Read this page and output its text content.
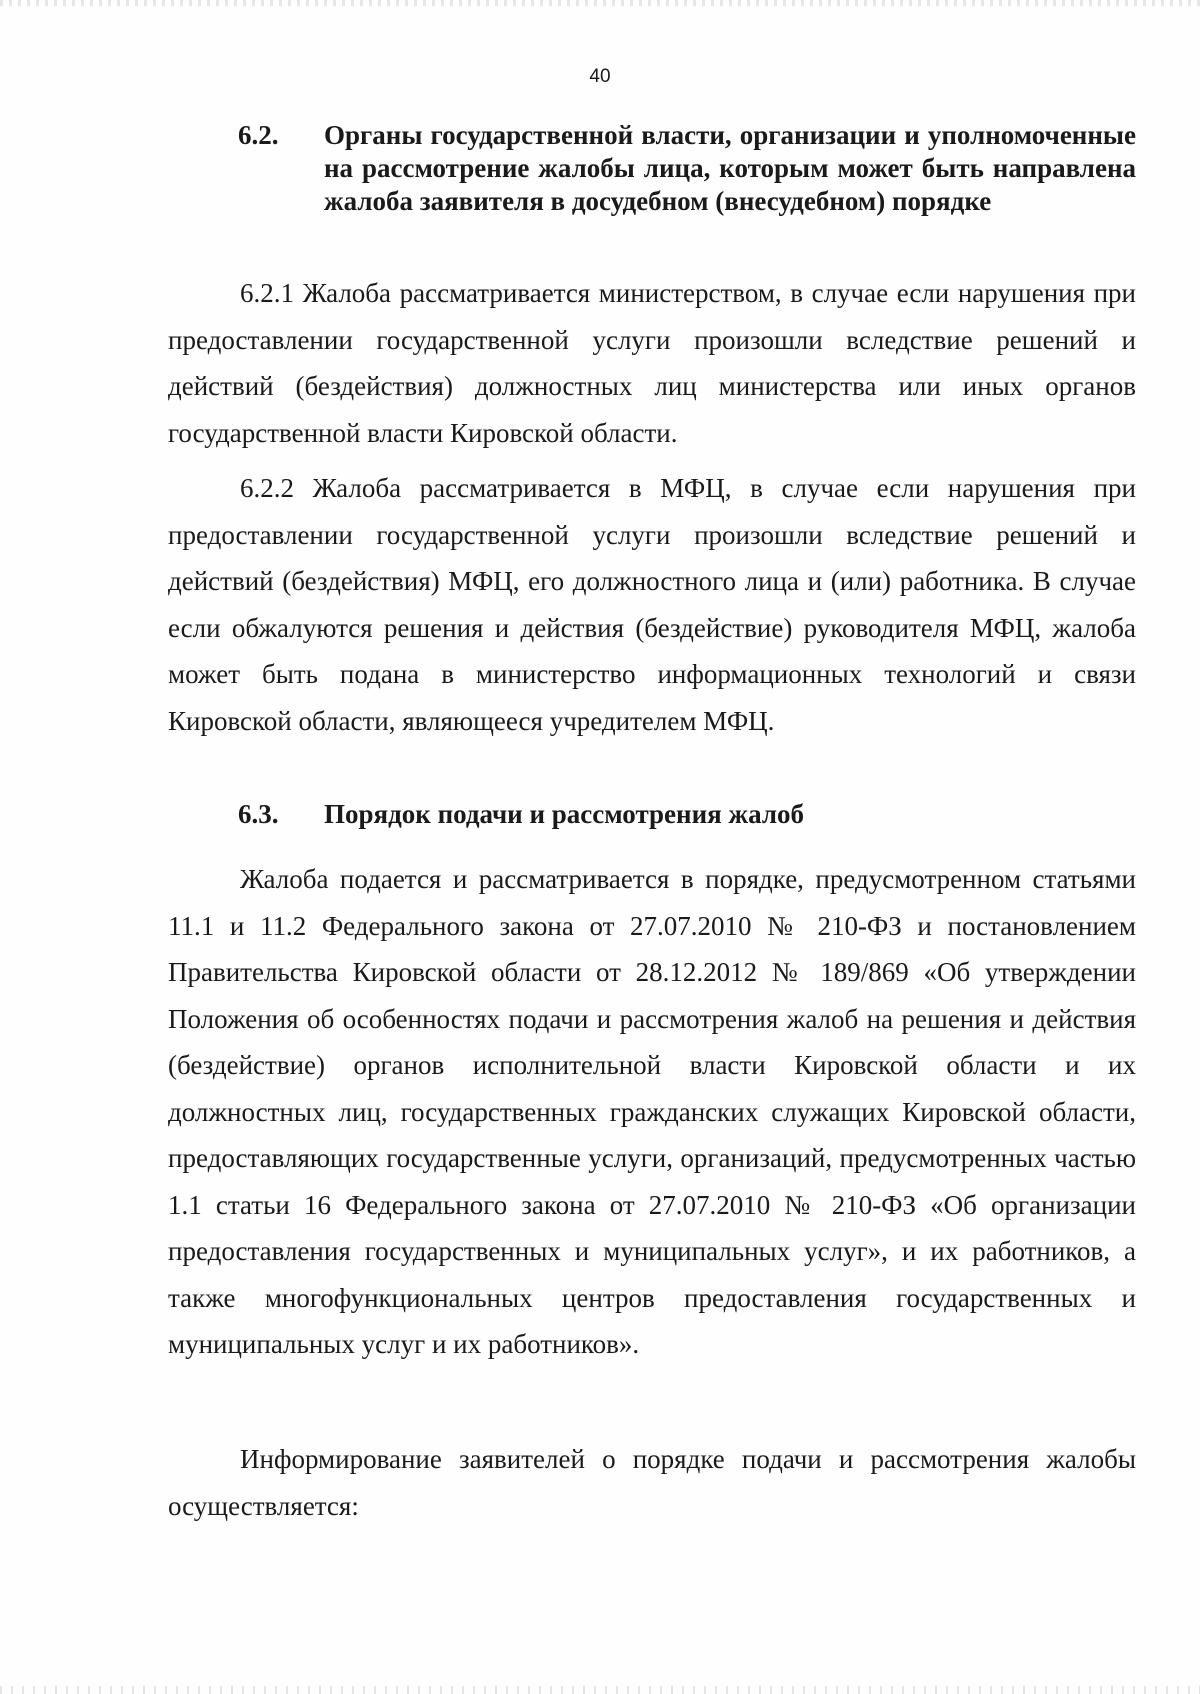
40
6.2. Органы государственной власти, организации и уполномоченные на рассмотрение жалобы лица, которым может быть направлена жалоба заявителя в досудебном (внесудебном) порядке
6.2.1 Жалоба рассматривается министерством, в случае если нарушения при предоставлении государственной услуги произошли вследствие решений и действий (бездействия) должностных лиц министерства или иных органов государственной власти Кировской области.
6.2.2 Жалоба рассматривается в МФЦ, в случае если нарушения при предоставлении государственной услуги произошли вследствие решений и действий (бездействия) МФЦ, его должностного лица и (или) работника. В случае если обжалуются решения и действия (бездействие) руководителя МФЦ, жалоба может быть подана в министерство информационных технологий и связи Кировской области, являющееся учредителем МФЦ.
6.3. Порядок подачи и рассмотрения жалоб
Жалоба подается и рассматривается в порядке, предусмотренном статьями 11.1 и 11.2 Федерального закона от 27.07.2010 № 210-ФЗ и постановлением Правительства Кировской области от 28.12.2012 № 189/869 «Об утверждении Положения об особенностях подачи и рассмотрения жалоб на решения и действия (бездействие) органов исполнительной власти Кировской области и их должностных лиц, государственных гражданских служащих Кировской области, предоставляющих государственные услуги, организаций, предусмотренных частью 1.1 статьи 16 Федерального закона от 27.07.2010 № 210-ФЗ «Об организации предоставления государственных и муниципальных услуг», и их работников, а также многофункциональных центров предоставления государственных и муниципальных услуг и их работников».
Информирование заявителей о порядке подачи и рассмотрения жалобы осуществляется:
